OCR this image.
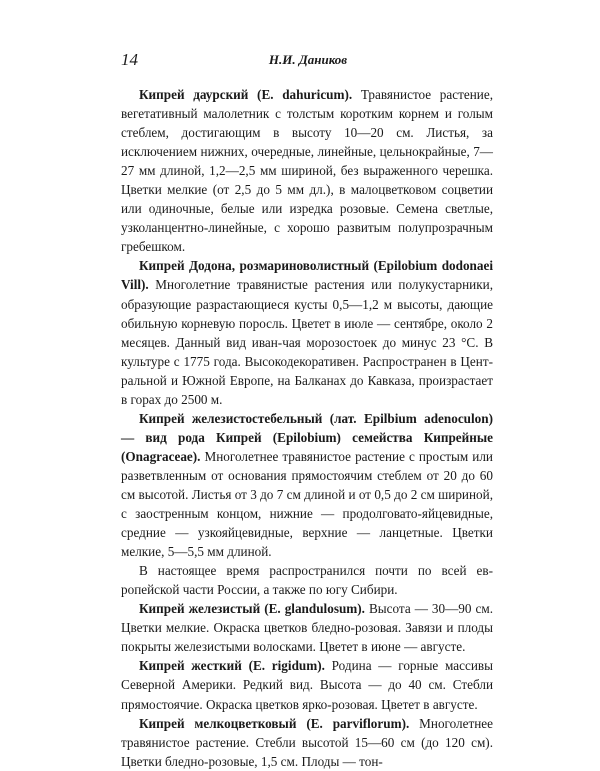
14	Н.И. Даников

Кипрей даурский (E. dahuricum). Травянистое растение, вегетативный малолетник с толстым коротким корнем и голым стеблем, достигающим в высоту 10—20 см. Листья, за исключением нижних, очередные, линейные, цельнокрайные, 7—27 мм длиной, 1,2—2,5 мм шириной, без выраженного черешка. Цветки мелкие (от 2,5 до 5 мм дл.), в малоцветковом соцветии или одиночные, белые или изредка розовые. Семена светлые, узколанцентно-линейные, с хорошо развитым полупрозрачным гребешком.

Кипрей Додона, розмариноволистный (Epilobium dodonaei Vill). Многолетние травянистые растения или полукустарники, образующие разрастающиеся кусты 0,5—1,2 м высоты, дающие обильную корневую поросль. Цветет в июле — сентябре, около 2 месяцев. Данный вид иван-чая морозостоек до минус 23 °С. В культуре с 1775 года. Высокодекоративен. Распространен в Центральной и Южной Европе, на Балканах до Кавказа, произрастает в горах до 2500 м.

Кипрей железистостебельный (лат. Epilbium adenoculon) — вид рода Кипрей (Epilobium) семейства Кипрейные (Onagraceae). Многолетнее травянистое растение с простым или разветвленным от основания прямостоячим стеблем от 20 до 60 см высотой. Листья от 3 до 7 см длиной и от 0,5 до 2 см шириной, с заостренным концом, нижние — продолговато-яйцевидные, средние — узкояйцевидные, верхние — ланцетные. Цветки мелкие, 5—5,5 мм длиной.

В настоящее время распространился почти по всей европейской части России, а также по югу Сибири.

Кипрей железистый (E. glandulosum). Высота — 30—90 см. Цветки мелкие. Окраска цветков бледно-розовая. Завязи и плоды покрыты железистыми волосками. Цветет в июне — августе.

Кипрей жесткий (E. rigidum). Родина — горные массивы Северной Америки. Редкий вид. Высота — до 40 см. Стебли прямостоячие. Окраска цветков ярко-розовая. Цветет в августе.

Кипрей мелкоцветковый (E. parviflorum). Многолетнее травянистое растение. Стебли высотой 15—60 см (до 120 см). Цветки бледно-розовые, 1,5 см. Плоды — тон-
